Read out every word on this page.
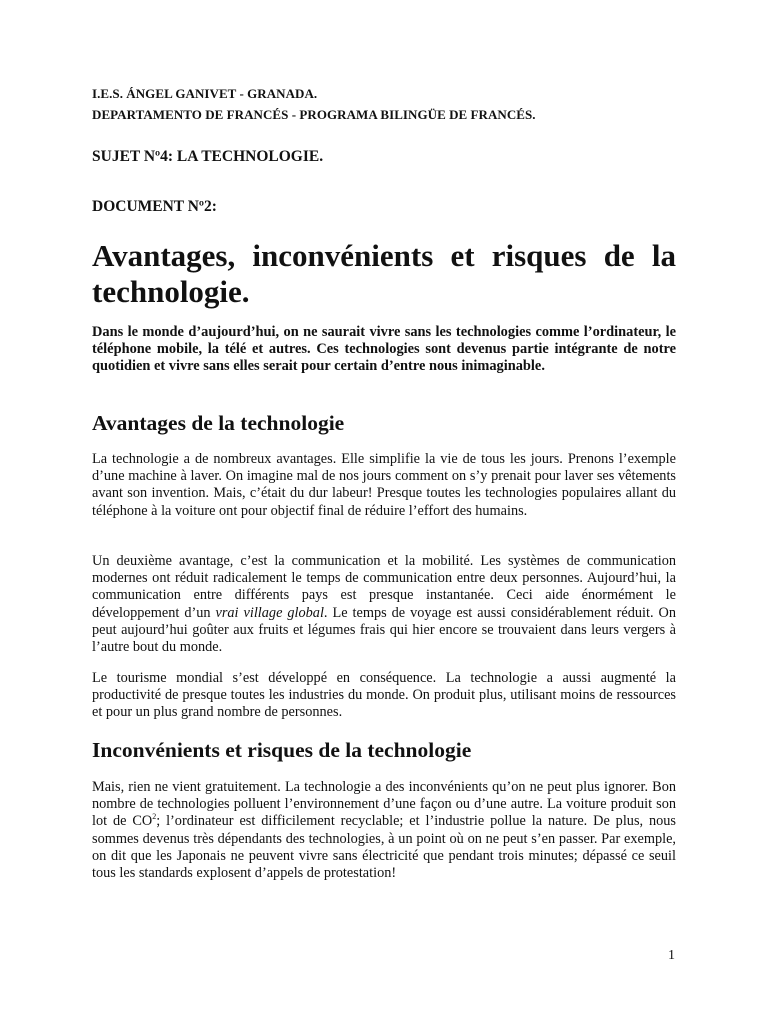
I.E.S. ÁNGEL GANIVET - GRANADA.
DEPARTAMENTO DE FRANCÉS - PROGRAMA BILINGÜE DE FRANCÉS.
SUJET Nº4: LA TECHNOLOGIE.
DOCUMENT Nº2:
Avantages, inconvénients et risques de la technologie.

Dans le monde d’aujourd’hui, on ne saurait vivre sans les technologies comme l’ordinateur, le téléphone mobile, la télé et autres. Ces technologies sont devenus partie intégrante de notre quotidien et vivre sans elles serait pour certain d’entre nous inimaginable.

Avantages de la technologie

La technologie a de nombreux avantages. Elle simplifie la vie de tous les jours. Prenons l’exemple d’une machine à laver. On imagine mal de nos jours comment on s’y prenait pour laver ses vêtements avant son invention. Mais, c’était du dur labeur! Presque toutes les technologies populaires allant du téléphone à la voiture ont pour objectif final de réduire l’effort des humains.

Un deuxième avantage, c’est la communication et la mobilité. Les systèmes de communication modernes ont réduit radicalement le temps de communication entre deux personnes. Aujourd’hui, la communication entre différents pays est presque instantanée. Ceci aide énormément le développement d’un vrai village global. Le temps de voyage est aussi considérablement réduit. On peut aujourd’hui goûter aux fruits et légumes frais qui hier encore se trouvaient dans leurs vergers à l’autre bout du monde.

Le tourisme mondial s’est développé en conséquence. La technologie a aussi augmenté la productivité de presque toutes les industries du monde. On produit plus, utilisant moins de ressources et pour un plus grand nombre de personnes.

Inconvénients et risques de la technologie

Mais, rien ne vient gratuitement. La technologie a des inconvénients qu’on ne peut plus ignorer. Bon nombre de technologies polluent l’environnement d’une façon ou d’une autre. La voiture produit son lot de $CO^2$; l’ordinateur est difficilement recyclable; et l’industrie pollue la nature. De plus, nous sommes devenus très dépendants des technologies, à un point où on ne peut s’en passer. Par exemple, on dit que les Japonais ne peuvent vivre sans électricité que pendant trois minutes; dépassé ce seuil tous les standards explosent d’appels de protestation!

1
